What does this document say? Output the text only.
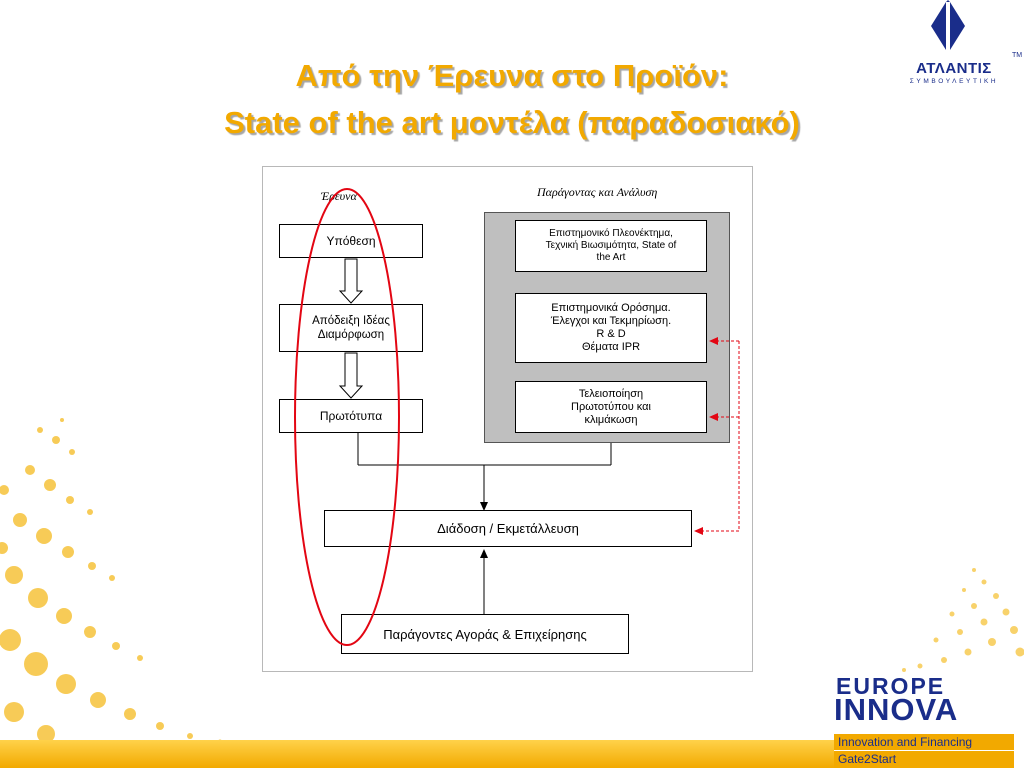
Από την Έρευνα στο Προϊόν:
State of the art μοντέλα (παραδοσιακό)
ΑΤΛΑΝΤΙΣ
TM
ΣΥΜΒΟΥΛΕΥΤΙΚΗ
Έρευνα	Παράγοντας και Ανάλυση
Υπόθεση
Απόδειξη Ιδέας
Διαμόρφωση
Πρωτότυπα
Επιστημονικό Πλεονέκτημα,
Τεχνική Βιωσιμότητα, State of
the Art
Επιστημονικά Ορόσημα.
Έλεγχοι και Τεκμηρίωση.
R & D
Θέματα IPR
Τελειοποίηση
Πρωτοτύπου και
κλιμάκωση
Διάδοση / Εκμετάλλευση
Παράγοντες Αγοράς & Επιχείρησης
EUROPE
INNOVA
Innovation and Financing
Gate2Start
